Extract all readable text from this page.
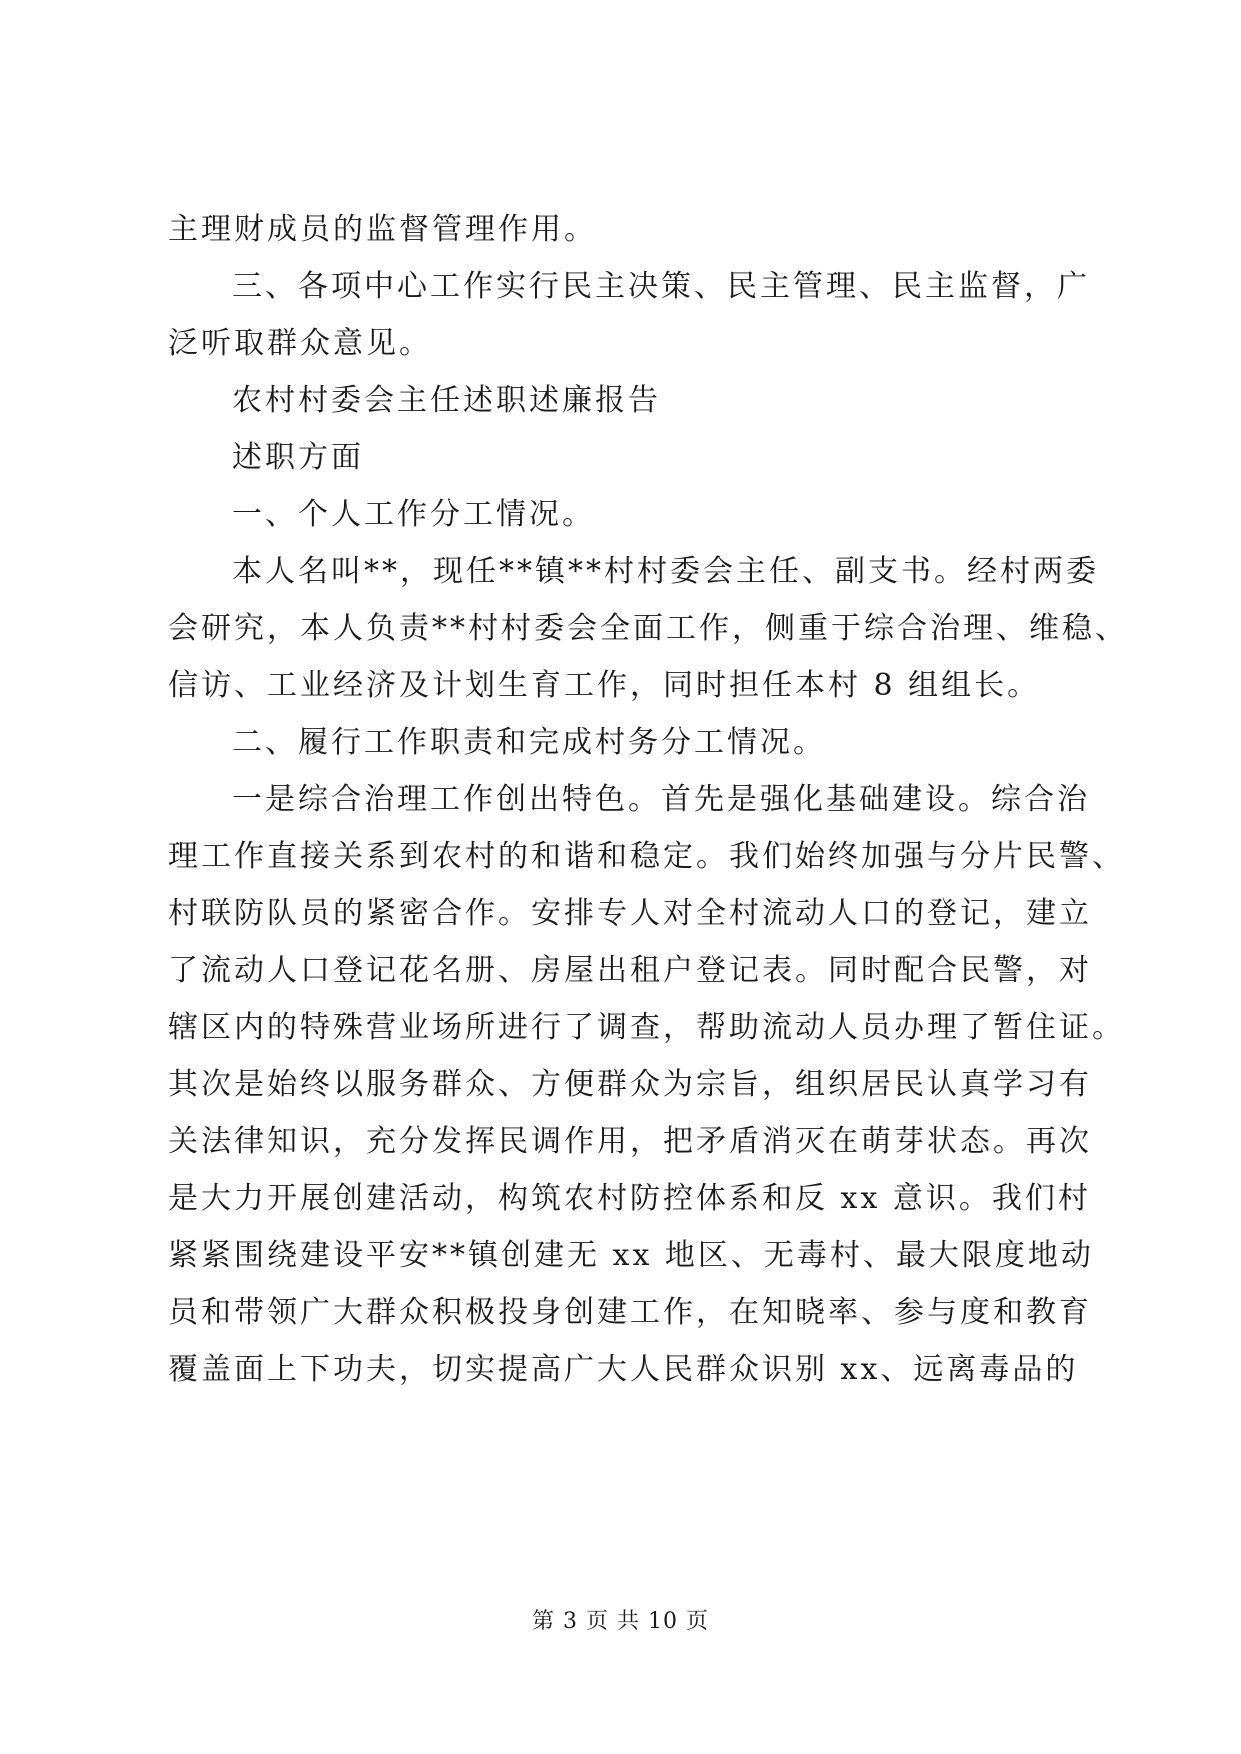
主理财成员的监督管理作用。
三、各项中心工作实行民主决策、民主管理、民主监督，广
泛听取群众意见。
农村村委会主任述职述廉报告
述职方面
一、个人工作分工情况。
本人名叫**，现任**镇**村村委会主任、副支书。经村两委
会研究，本人负责**村村委会全面工作，侧重于综合治理、维稳、
信访、工业经济及计划生育工作，同时担任本村 8 组组长。
二、履行工作职责和完成村务分工情况。
一是综合治理工作创出特色。首先是强化基础建设。综合治
理工作直接关系到农村的和谐和稳定。我们始终加强与分片民警、
村联防队员的紧密合作。安排专人对全村流动人口的登记，建立
了流动人口登记花名册、房屋出租户登记表。同时配合民警，对
辖区内的特殊营业场所进行了调查，帮助流动人员办理了暂住证。
其次是始终以服务群众、方便群众为宗旨，组织居民认真学习有
关法律知识，充分发挥民调作用，把矛盾消灭在萌芽状态。再次
是大力开展创建活动，构筑农村防控体系和反 xx 意识。我们村
紧紧围绕建设平安**镇创建无 xx 地区、无毒村、最大限度地动
员和带领广大群众积极投身创建工作，在知晓率、参与度和教育
覆盖面上下功夫，切实提高广大人民群众识别 xx、远离毒品的
第 3 页 共 10 页
